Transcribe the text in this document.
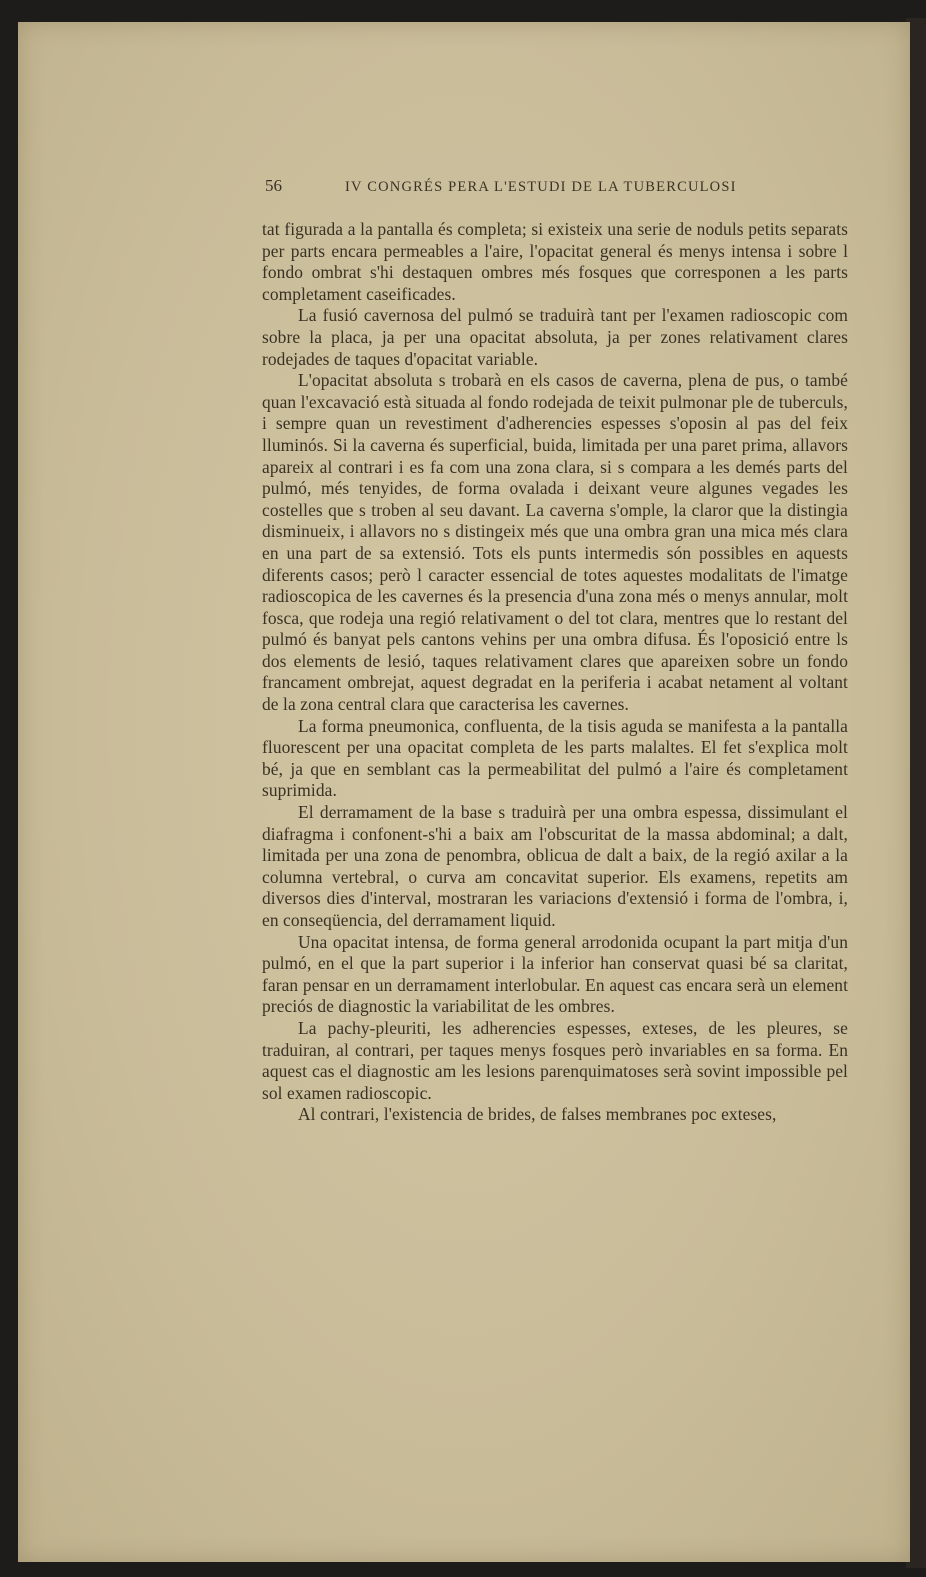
56	IV CONGRÉS PERA L'ESTUDI DE LA TUBERCULOSI

tat figurada a la pantalla és completa; si existeix una serie de noduls petits separats per parts encara permeables a l'aire, l'opacitat general és menys intensa i sobre l fondo ombrat s'hi destaquen ombres més fosques que corresponen a les parts completament caseificades.

La fusió cavernosa del pulmó se traduirà tant per l'examen radioscopic com sobre la placa, ja per una opacitat absoluta, ja per zones relativament clares rodejades de taques d'opacitat variable.

L'opacitat absoluta s trobarà en els casos de caverna, plena de pus, o també quan l'excavació està situada al fondo rodejada de teixit pulmonar ple de tuberculs, i sempre quan un revestiment d'adherencies espesses s'oposin al pas del feix lluminós. Si la caverna és superficial, buida, limitada per una paret prima, allavors apareix al contrari i es fa com una zona clara, si s compara a les demés parts del pulmó, més tenyides, de forma ovalada i deixant veure algunes vegades les costelles que s troben al seu davant. La caverna s'omple, la claror que la distingia disminueix, i allavors no s distingeix més que una ombra gran una mica més clara en una part de sa extensió. Tots els punts intermedis són possibles en aquests diferents casos; però l caracter essencial de totes aquestes modalitats de l'imatge radioscopica de les cavernes és la presencia d'una zona més o menys annular, molt fosca, que rodeja una regió relativament o del tot clara, mentres que lo restant del pulmó és banyat pels cantons vehins per una ombra difusa. És l'oposició entre ls dos elements de lesió, taques relativament clares que apareixen sobre un fondo francament ombrejat, aquest degradat en la periferia i acabat netament al voltant de la zona central clara que caracterisa les cavernes.

La forma pneumonica, confluenta, de la tisis aguda se manifesta a la pantalla fluorescent per una opacitat completa de les parts malaltes. El fet s'explica molt bé, ja que en semblant cas la permeabilitat del pulmó a l'aire és completament suprimida.

El derramament de la base s traduirà per una ombra espessa, dissimulant el diafragma i confonent-s'hi a baix am l'obscuritat de la massa abdominal; a dalt, limitada per una zona de penombra, oblicua de dalt a baix, de la regió axilar a la columna vertebral, o curva am concavitat superior. Els examens, repetits am diversos dies d'interval, mostraran les variacions d'extensió i forma de l'ombra, i, en conseqüencia, del derramament liquid.

Una opacitat intensa, de forma general arrodonida ocupant la part mitja d'un pulmó, en el que la part superior i la inferior han conservat quasi bé sa claritat, faran pensar en un derramament interlobular. En aquest cas encara serà un element preciós de diagnostic la variabilitat de les ombres.

La pachy-pleuriti, les adherencies espesses, exteses, de les pleures, se traduiran, al contrari, per taques menys fosques però invariables en sa forma. En aquest cas el diagnostic am les lesions parenquimatoses serà sovint impossible pel sol examen radioscopic.

Al contrari, l'existencia de brides, de falses membranes poc exteses,
